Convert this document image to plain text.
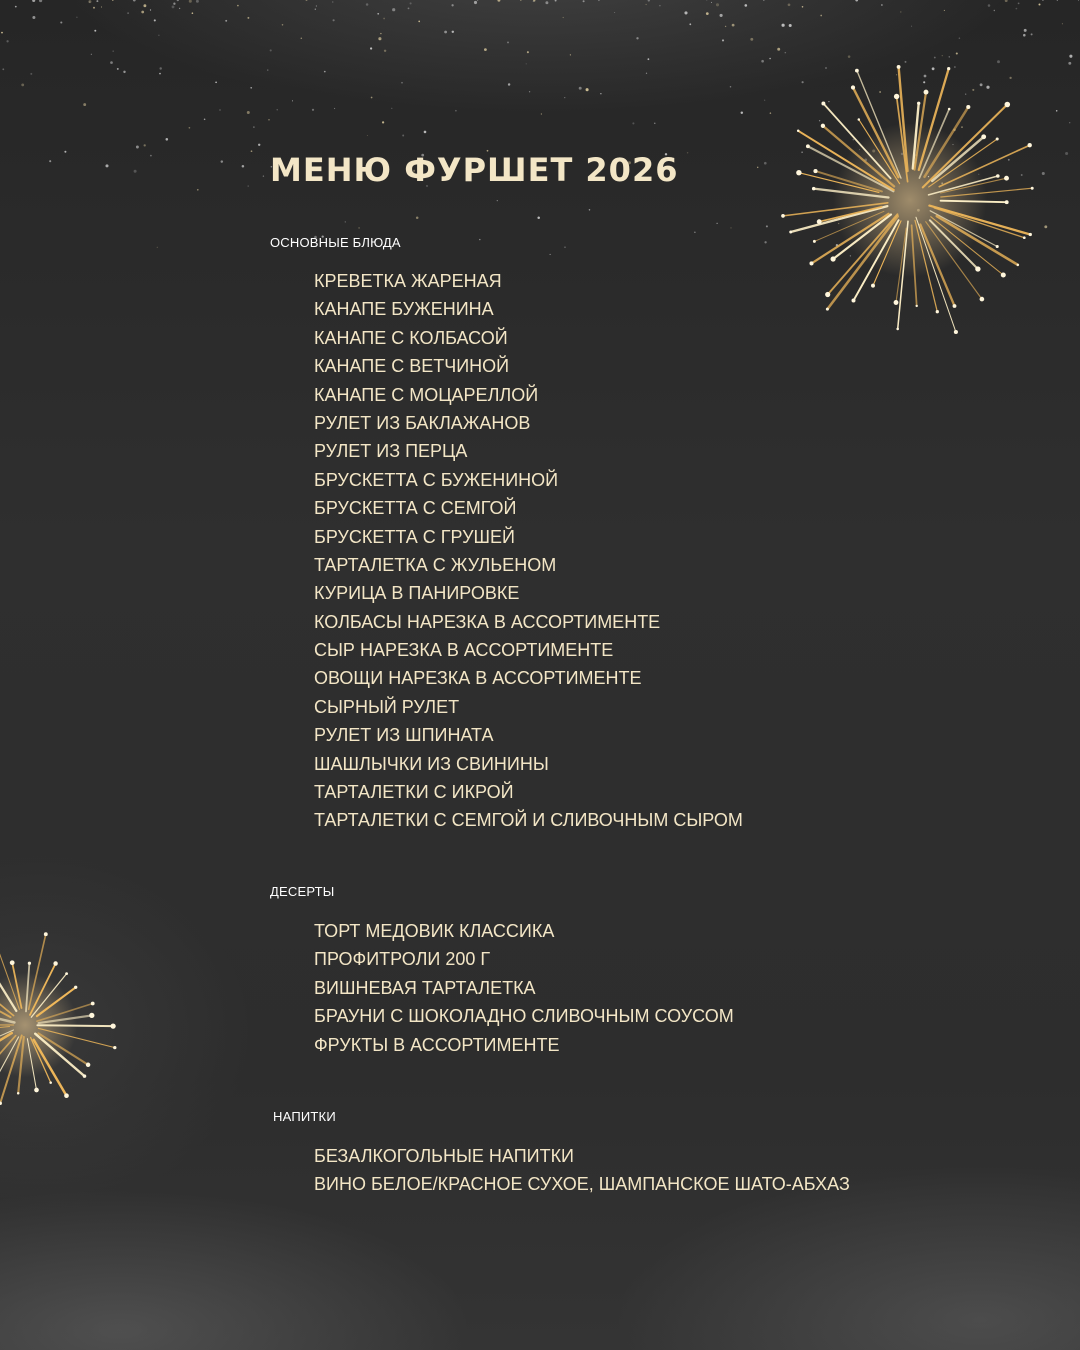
МЕНЮ ФУРШЕТ 2026
ОСНОВНЫЕ БЛЮДА
КРЕВЕТКА ЖАРЕНАЯ
КАНАПЕ БУЖЕНИНА
КАНАПЕ С КОЛБАСОЙ
КАНАПЕ С ВЕТЧИНОЙ
КАНАПЕ С МОЦАРЕЛЛОЙ
РУЛЕТ ИЗ БАКЛАЖАНОВ
РУЛЕТ ИЗ ПЕРЦА
БРУСКЕТТА С БУЖЕНИНОЙ
БРУСКЕТТА С СЕМГОЙ
БРУСКЕТТА С ГРУШЕЙ
ТАРТАЛЕТКА С ЖУЛЬЕНОМ
КУРИЦА В ПАНИРОВКЕ
КОЛБАСЫ НАРЕЗКА В АССОРТИМЕНТЕ
СЫР НАРЕЗКА В АССОРТИМЕНТЕ
ОВОЩИ НАРЕЗКА В АССОРТИМЕНТЕ
СЫРНЫЙ РУЛЕТ
РУЛЕТ ИЗ ШПИНАТА
ШАШЛЫЧКИ ИЗ СВИНИНЫ
ТАРТАЛЕТКИ С ИКРОЙ
ТАРТАЛЕТКИ С СЕМГОЙ И СЛИВОЧНЫМ СЫРОМ
ДЕСЕРТЫ
ТОРТ МЕДОВИК КЛАССИКА
ПРОФИТРОЛИ 200 Г
ВИШНЕВАЯ ТАРТАЛЕТКА
БРАУНИ С ШОКОЛАДНО СЛИВОЧНЫМ СОУСОМ
ФРУКТЫ В АССОРТИМЕНТЕ
НАПИТКИ
БЕЗАЛКОГОЛЬНЫЕ НАПИТКИ
ВИНО БЕЛОЕ/КРАСНОЕ СУХОЕ, ШАМПАНСКОЕ ШАТО-АБХАЗ
